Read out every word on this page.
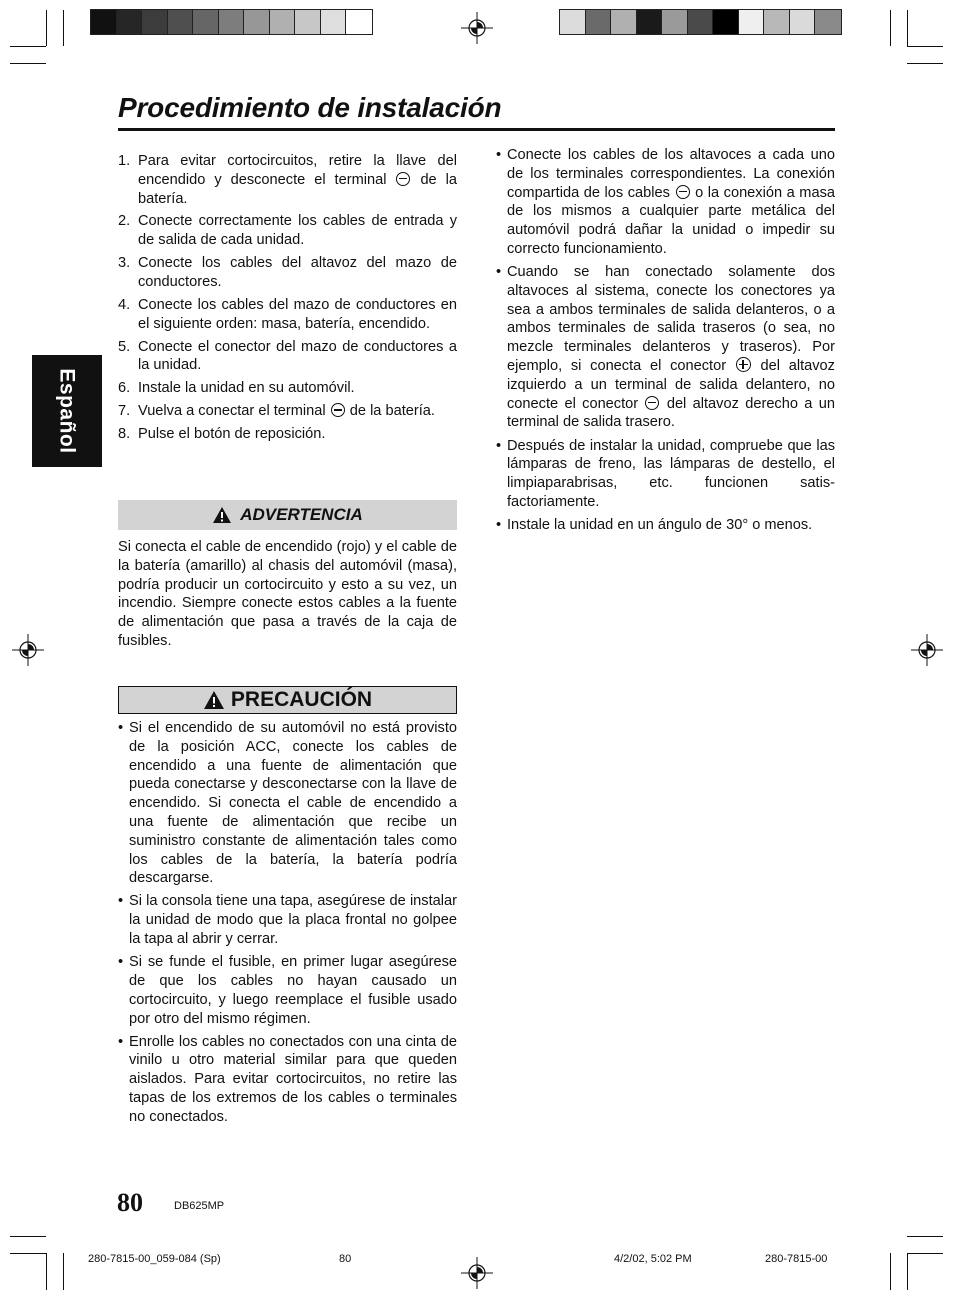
Procedimiento de instalación
Español
1. Para evitar cortocircuitos, retire la llave del encendido y desconecte el terminal de la batería.
2. Conecte correctamente los cables de entrada y de salida de cada unidad.
3. Conecte los cables del altavoz del mazo de conductores.
4. Conecte los cables del mazo de conductores en el siguiente orden: masa, batería, encendido.
5. Conecte el conector del mazo de conductores a la unidad.
6. Instale la unidad en su automóvil.
7. Vuelva a conectar el terminal de la batería.
8. Pulse el botón de reposición.
ADVERTENCIA

Si conecta el cable de encendido (rojo) y el cable de la batería (amarillo) al chasis del automóvil (masa), podría producir un cortocircuito y esto a su vez, un incendio. Siempre conecte estos cables a la fuente de alimentación que pasa a través de la caja de fusibles.

PRECAUCIÓN
• Si el encendido de su automóvil no está provisto de la posición ACC, conecte los cables de encendido a una fuente de alimentación que pueda conectarse y desconectarse con la llave de encendido. Si conecta el cable de encendido a una fuente de alimentación que recibe un suministro constante de alimentación tales como los cables de la batería, la batería podría descargarse.
• Si la consola tiene una tapa, asegúrese de instalar la unidad de modo que la placa frontal no golpee la tapa al abrir y cerrar.
• Si se funde el fusible, en primer lugar asegúrese de que los cables no hayan causado un cortocircuito, y luego reemplace el fusible usado por otro del mismo régimen.
• Enrolle los cables no conectados con una cinta de vinilo u otro material similar para que queden aislados. Para evitar cortocircuitos, no retire las tapas de los extremos de los cables o terminales no conectados.
• Conecte los cables de los altavoces a cada uno de los terminales correspondientes. La conexión compartida de los cables o la conexión a masa de los mismos a cualquier parte metálica del automóvil podrá dañar la unidad o impedir su correcto funcionamiento.
• Cuando se han conectado solamente dos altavoces al sistema, conecte los conectores ya sea a ambos terminales de salida delanteros, o a ambos terminales de salida traseros (o sea, no mezcle terminales delanteros y traseros). Por ejemplo, si conecta el conector del altavoz izquierdo a un terminal de salida delantero, no conecte el conector del altavoz derecho a un terminal de salida trasero.
• Después de instalar la unidad, compruebe que las lámparas de freno, las lámparas de destello, el limpiaparabrisas, etc. funcionen satis-factoriamente.
• Instale la unidad en un ángulo de 30° o menos.
80	DB625MP
280-7815-00_059-084 (Sp)	80	4/2/02, 5:02 PM	280-7815-00
